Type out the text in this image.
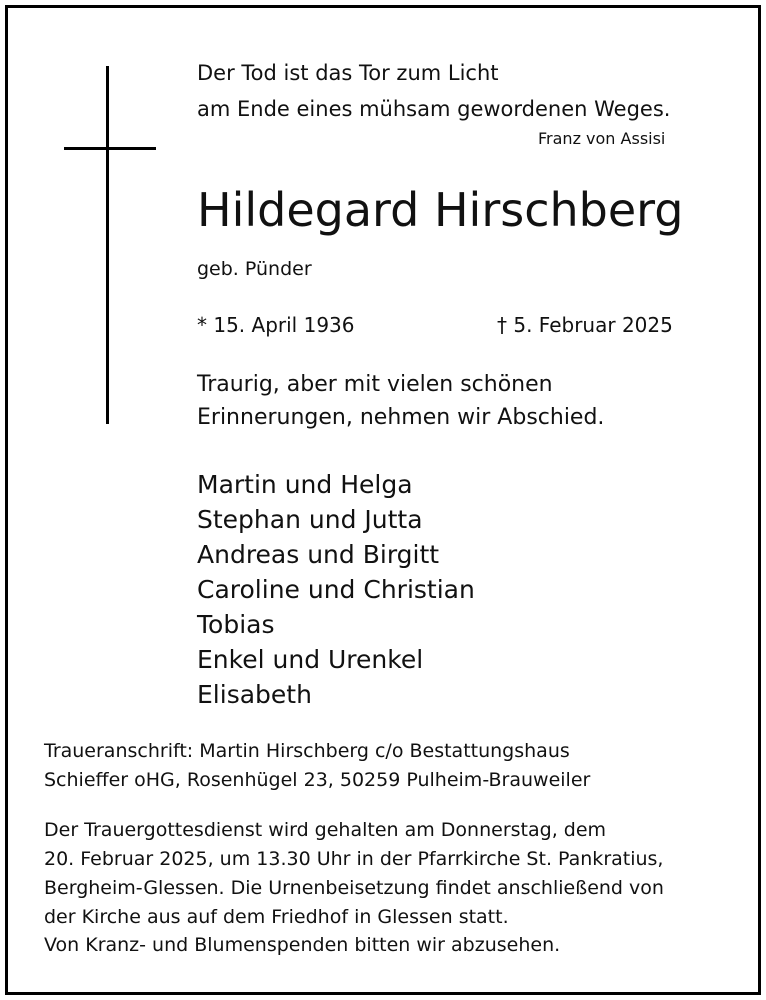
Der Tod ist das Tor zum Licht
am Ende eines mühsam gewordenen Weges.
Franz von Assisi
Hildegard Hirschberg
geb. Pünder
* 15. April 1936	† 5. Februar 2025
Traurig, aber mit vielen schönen
Erinnerungen, nehmen wir Abschied.
Martin und Helga
Stephan und Jutta
Andreas und Birgitt
Caroline und Christian
Tobias
Enkel und Urenkel
Elisabeth
Traueranschrift: Martin Hirschberg c/o Bestattungshaus
Schieffer oHG, Rosenhügel 23, 50259 Pulheim-Brauweiler
Der Trauergottesdienst wird gehalten am Donnerstag, dem
20. Februar 2025, um 13.30 Uhr in der Pfarrkirche St. Pankratius,
Bergheim-Glessen. Die Urnenbeisetzung findet anschließend von
der Kirche aus auf dem Friedhof in Glessen statt.
Von Kranz- und Blumenspenden bitten wir abzusehen.
